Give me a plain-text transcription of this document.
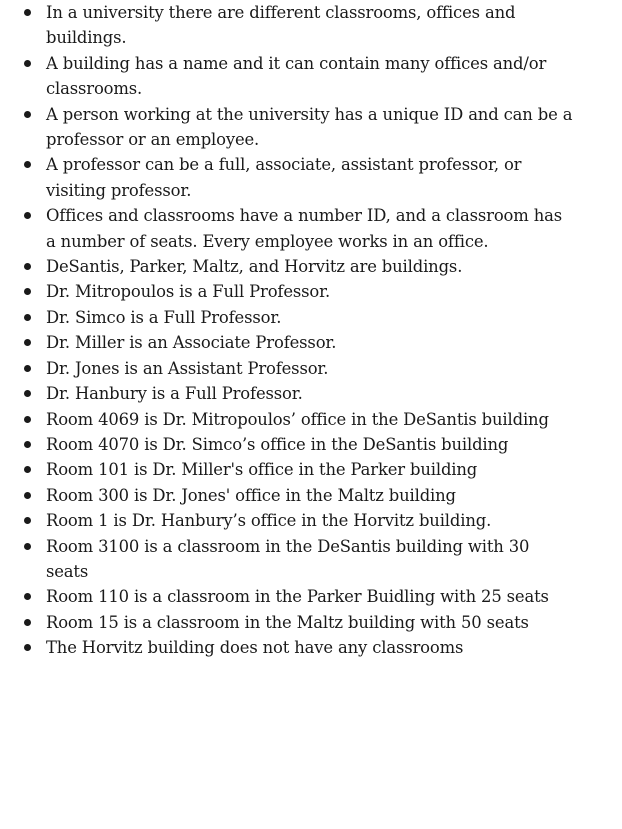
In a university there are different classrooms, offices and buildings.
A building has a name and it can contain many offices and/or classrooms.
A person working at the university has a unique ID and can be a professor or an employee.
A professor can be a full, associate, assistant professor, or visiting professor.
Offices and classrooms have a number ID, and a classroom has a number of seats. Every employee works in an office.
DeSantis, Parker, Maltz, and Horvitz are buildings.
Dr. Mitropoulos is a Full Professor.
Dr. Simco is a Full Professor.
Dr. Miller is an Associate Professor.
Dr. Jones is an Assistant Professor.
Dr. Hanbury is a Full Professor.
Room 4069 is Dr. Mitropoulos’ office in the DeSantis building
Room 4070 is Dr. Simco’s office in the DeSantis building
Room 101 is Dr. Miller's office in the Parker building
Room 300 is Dr. Jones' office in the Maltz building
Room 1 is Dr. Hanbury’s office in the Horvitz building.
Room 3100 is a classroom in the DeSantis building with 30 seats
Room 110 is a classroom in the Parker Buidling with 25 seats
Room 15 is a classroom in the Maltz building with 50 seats
The Horvitz building does not have any classrooms
